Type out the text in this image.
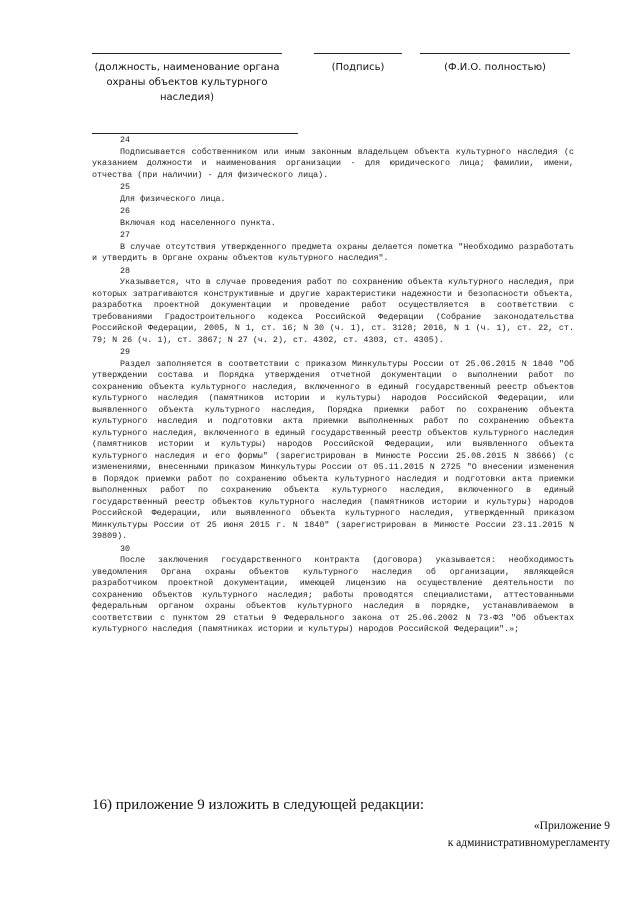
(должность, наименование органа охраны объектов культурного наследия)
(Подпись)	(Ф.И.О. полностью)
24
Подписывается собственником или иным законным владельцем объекта культурного наследия (с указанием должности и наименования организации - для юридического лица; фамилии, имени, отчества (при наличии) - для физического лица).
25
Для физического лица.
26
Включая код населенного пункта.
27
В случае отсутствия утвержденного предмета охраны делается пометка "Необходимо разработать и утвердить в Органе охраны объектов культурного наследия".
28
Указывается, что в случае проведения работ по сохранению объекта культурного наследия, при которых затрагиваются конструктивные и другие характеристики надежности и безопасности объекта, разработка проектной документации и проведение работ осуществляется в соответствии с требованиями Градостроительного кодекса Российской Федерации (Собрание законодательства Российской Федерации, 2005, N 1, ст. 16; N 30 (ч. 1), ст. 3128; 2016, N 1 (ч. 1), ст. 22, ст. 79; N 26 (ч. 1), ст. 3867; N 27 (ч. 2), ст. 4302, ст. 4303, ст. 4305).
29
Раздел заполняется в соответствии с приказом Минкультуры России от 25.06.2015 N 1840 "Об утверждении состава и Порядка утверждения отчетной документации о выполнении работ по сохранению объекта культурного наследия, включенного в единый государственный реестр объектов культурного наследия (памятников истории и культуры) народов Российской Федерации, или выявленного объекта культурного наследия, Порядка приемки работ по сохранению объекта культурного наследия и подготовки акта приемки выполненных работ по сохранению объекта культурного наследия, включенного в единый государственный реестр объектов культурного наследия (памятников истории и культуры) народов Российской Федерации, или выявленного объекта культурного наследия и его формы" (зарегистрирован в Минюсте России 25.08.2015 N 38666) (с изменениями, внесенными приказом Минкультуры России от 05.11.2015 N 2725 "О внесении изменения в Порядок приемки работ по сохранению объекта культурного наследия и подготовки акта приемки выполненных работ по сохранению объекта культурного наследия, включенного в единый государственный реестр объектов культурного наследия (памятников истории и культуры) народов Российской Федерации, или выявленного объекта культурного наследия, утвержденный приказом Минкультуры России от 25 июня 2015 г. N 1840" (зарегистрирован в Минюсте России 23.11.2015 N 39809).
30
После заключения государственного контракта (договора) указывается: необходимость уведомления Органа охраны объектов культурного наследия об организации, являющейся разработчиком проектной документации, имеющей лицензию на осуществление деятельности по сохранению объектов культурного наследия; работы проводятся специалистами, аттестованными федеральным органом охраны объектов культурного наследия в порядке, устанавливаемом в соответствии с пунктом 29 статьи 9 Федерального закона от 25.06.2002 N 73-ФЗ "Об объектах культурного наследия (памятниках истории и культуры) народов Российской Федерации".»;
16) приложение 9 изложить в следующей редакции:
«Приложение 9
к административномурегламенту
